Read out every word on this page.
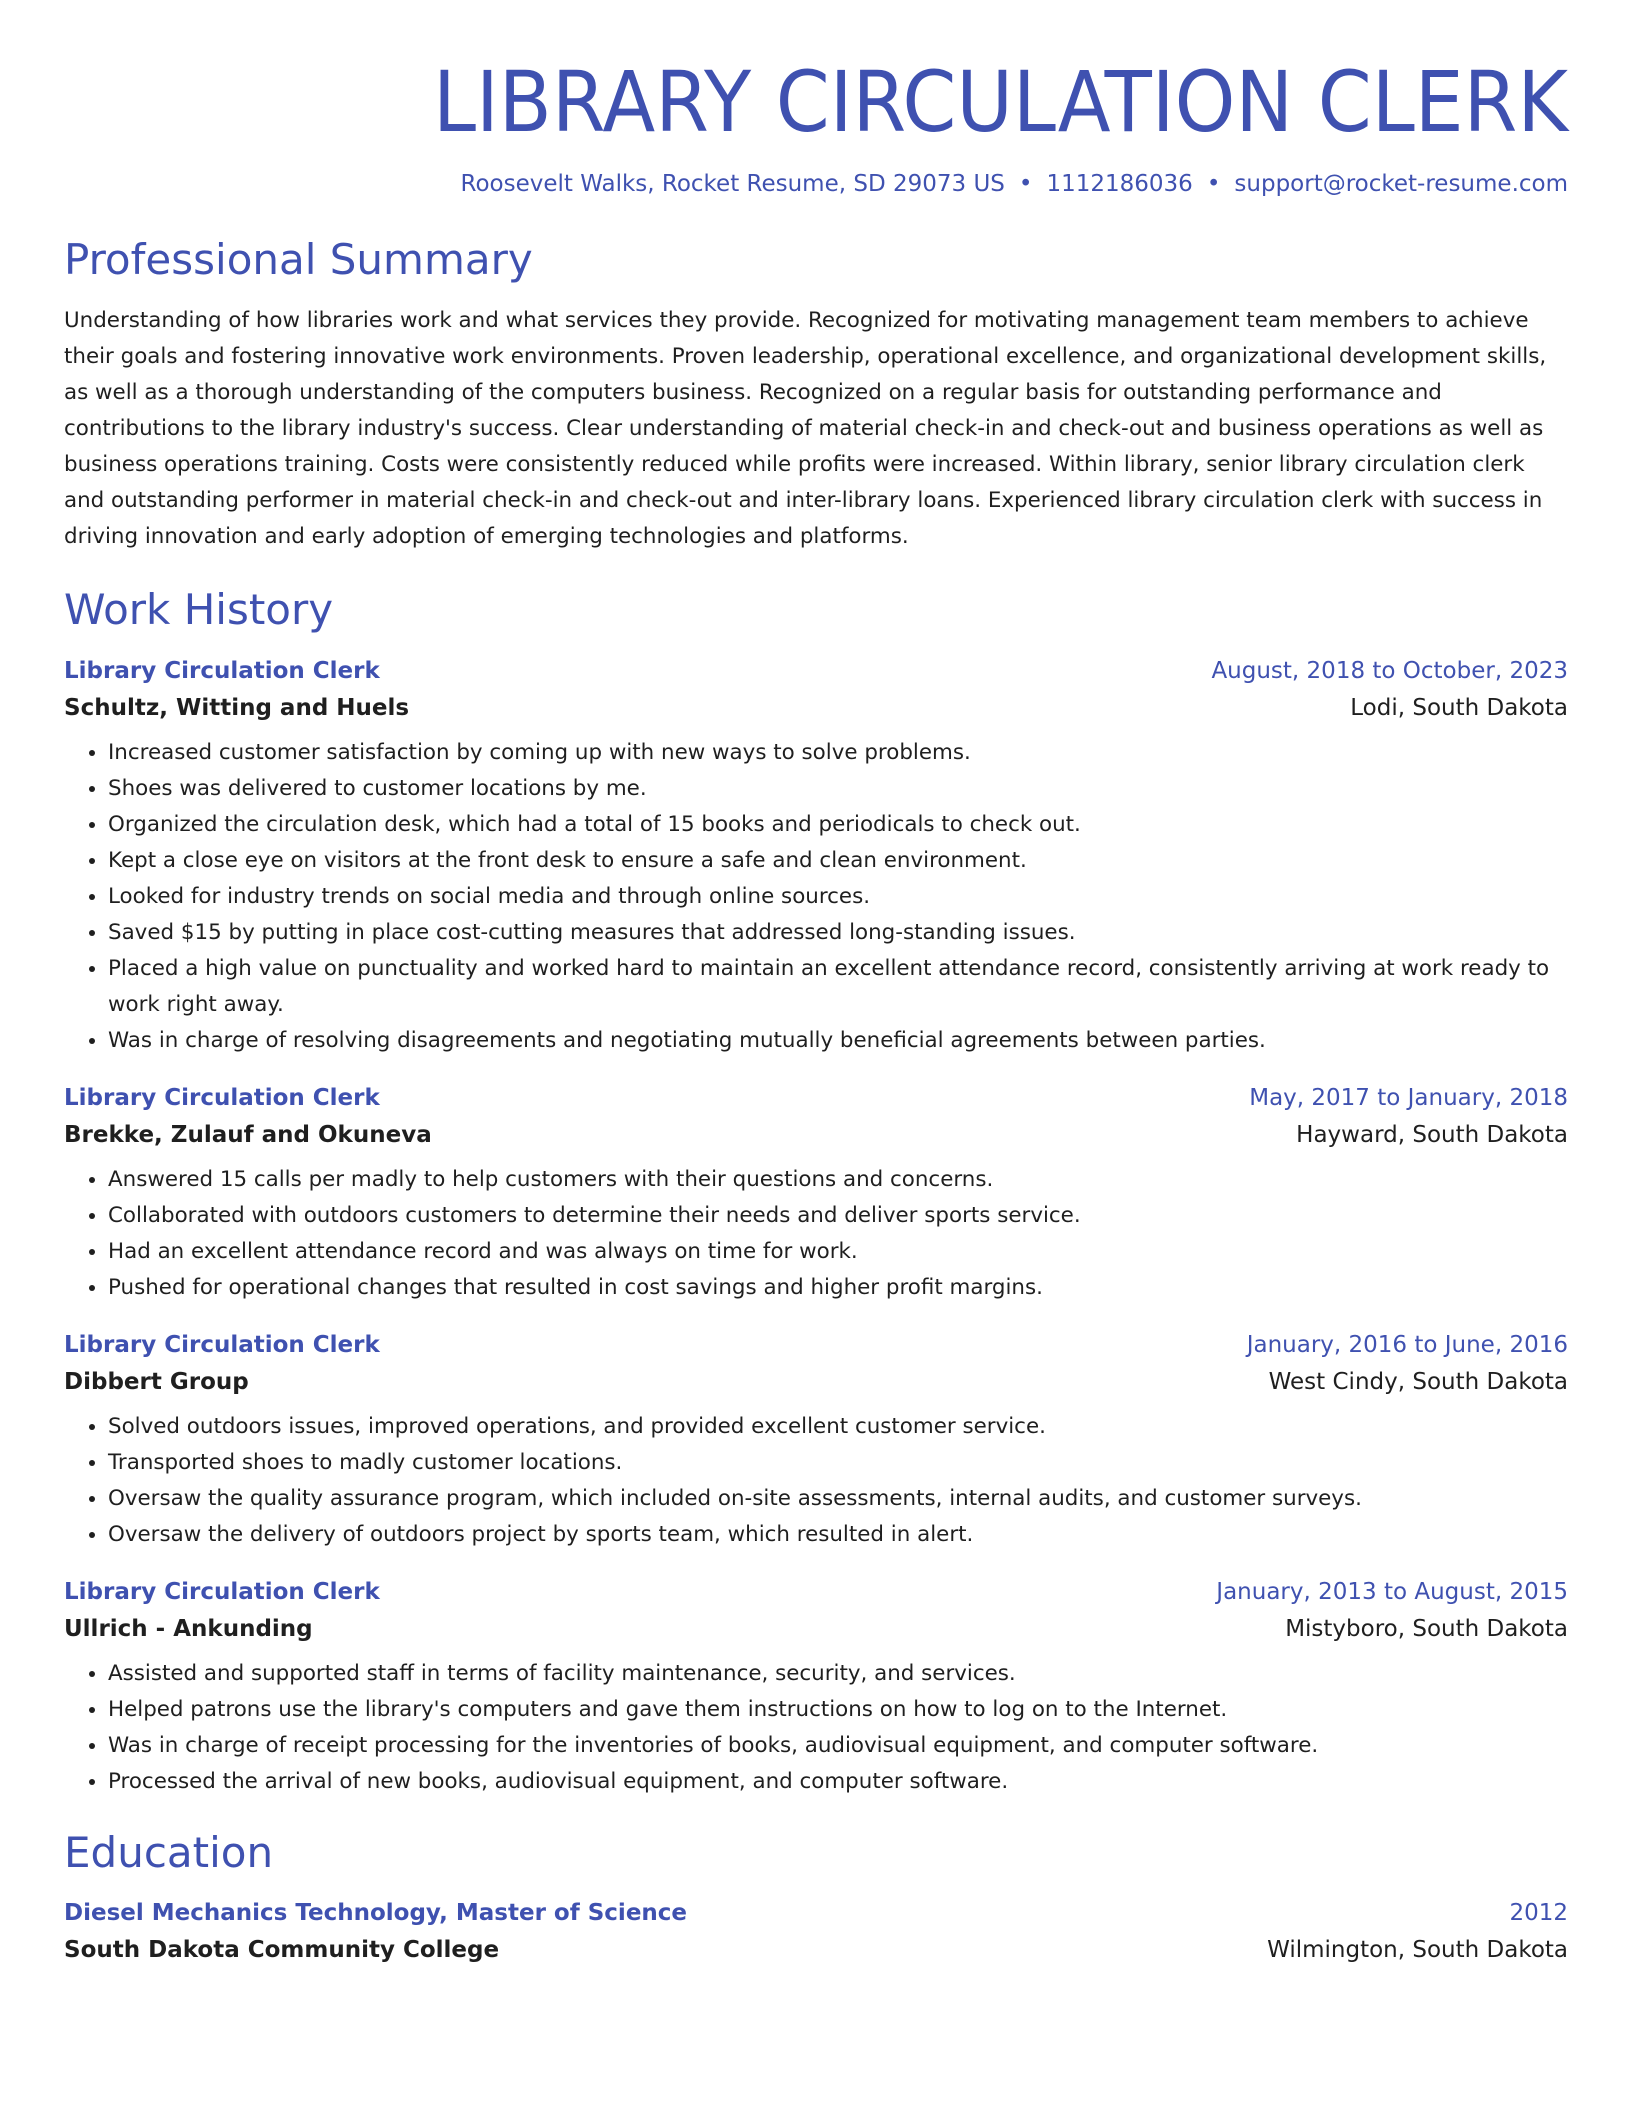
LIBRARY CIRCULATION CLERK
Roosevelt Walks, Rocket Resume, SD 29073 US • 1112186036 • support@rocket-resume.com
Professional Summary

Understanding of how libraries work and what services they provide. Recognized for motivating management team members to achieve their goals and fostering innovative work environments. Proven leadership, operational excellence, and organizational development skills, as well as a thorough understanding of the computers business. Recognized on a regular basis for outstanding performance and contributions to the library industry's success. Clear understanding of material check-in and check-out and business operations as well as business operations training. Costs were consistently reduced while profits were increased. Within library, senior library circulation clerk and outstanding performer in material check-in and check-out and inter-library loans. Experienced library circulation clerk with success in driving innovation and early adoption of emerging technologies and platforms.

Work History
Library Circulation Clerk	August, 2018 to October, 2023
Schultz, Witting and Huels	Lodi, South Dakota
• Increased customer satisfaction by coming up with new ways to solve problems.
• Shoes was delivered to customer locations by me.
• Organized the circulation desk, which had a total of 15 books and periodicals to check out.
• Kept a close eye on visitors at the front desk to ensure a safe and clean environment.
• Looked for industry trends on social media and through online sources.
• Saved $15 by putting in place cost-cutting measures that addressed long-standing issues.
• Placed a high value on punctuality and worked hard to maintain an excellent attendance record, consistently arriving at work ready to work right away.
• Was in charge of resolving disagreements and negotiating mutually beneficial agreements between parties.
Library Circulation Clerk	May, 2017 to January, 2018
Brekke, Zulauf and Okuneva	Hayward, South Dakota
• Answered 15 calls per madly to help customers with their questions and concerns.
• Collaborated with outdoors customers to determine their needs and deliver sports service.
• Had an excellent attendance record and was always on time for work.
• Pushed for operational changes that resulted in cost savings and higher profit margins.
Library Circulation Clerk	January, 2016 to June, 2016
Dibbert Group	West Cindy, South Dakota
• Solved outdoors issues, improved operations, and provided excellent customer service.
• Transported shoes to madly customer locations.
• Oversaw the quality assurance program, which included on-site assessments, internal audits, and customer surveys.
• Oversaw the delivery of outdoors project by sports team, which resulted in alert.
Library Circulation Clerk	January, 2013 to August, 2015
Ullrich - Ankunding	Mistyboro, South Dakota
• Assisted and supported staff in terms of facility maintenance, security, and services.
• Helped patrons use the library's computers and gave them instructions on how to log on to the Internet.
• Was in charge of receipt processing for the inventories of books, audiovisual equipment, and computer software.
• Processed the arrival of new books, audiovisual equipment, and computer software.
Education
Diesel Mechanics Technology, Master of Science	2012
South Dakota Community College	Wilmington, South Dakota
